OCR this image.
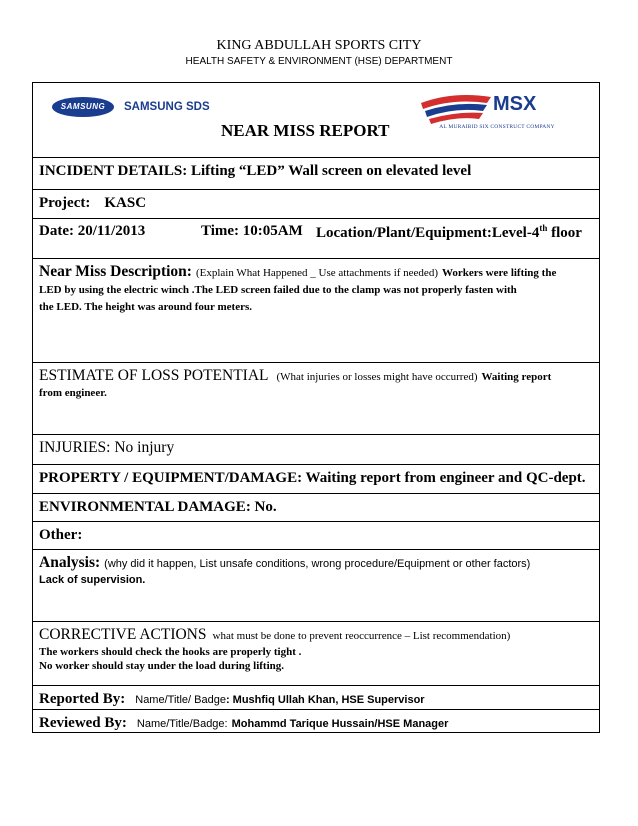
KING ABDULLAH SPORTS CITY
HEALTH SAFETY & ENVIRONMENT (HSE) DEPARTMENT
SAMSUNG	SAMSUNG SDS
NEAR MISS REPORT
MSX
AL MURAIBID SIX CONSTRUCT COMPANY
INCIDENT DETAILS: Lifting “LED” Wall screen on elevated level
Project: KASC
Date: 20/11/2013	Time: 10:05AM Location/Plant/Equipment:Level-4th floor
Near Miss Description: (Explain What Happened _ Use attachments if needed) Workers were lifting the
LED by using the electric winch .The LED screen failed due to the clamp was not properly fasten with
the LED. The height was around four meters.
ESTIMATE OF LOSS POTENTIAL (What injuries or losses might have occurred) Waiting report
from engineer.
INJURIES: No injury
PROPERTY / EQUIPMENT/DAMAGE: Waiting report from engineer and QC-dept.
ENVIRONMENTAL DAMAGE: No.
Other:
Analysis: (why did it happen, List unsafe conditions, wrong procedure/Equipment or other factors)
Lack of supervision.
CORRECTIVE ACTIONS what must be done to prevent reoccurrence – List recommendation)
The workers should check the hooks are properly tight .
No worker should stay under the load during lifting.
Reported By: Name/Title/ Badge: Mushfiq Ullah Khan, HSE Supervisor
Reviewed By: Name/Title/Badge: Mohammd Tarique Hussain/HSE Manager
